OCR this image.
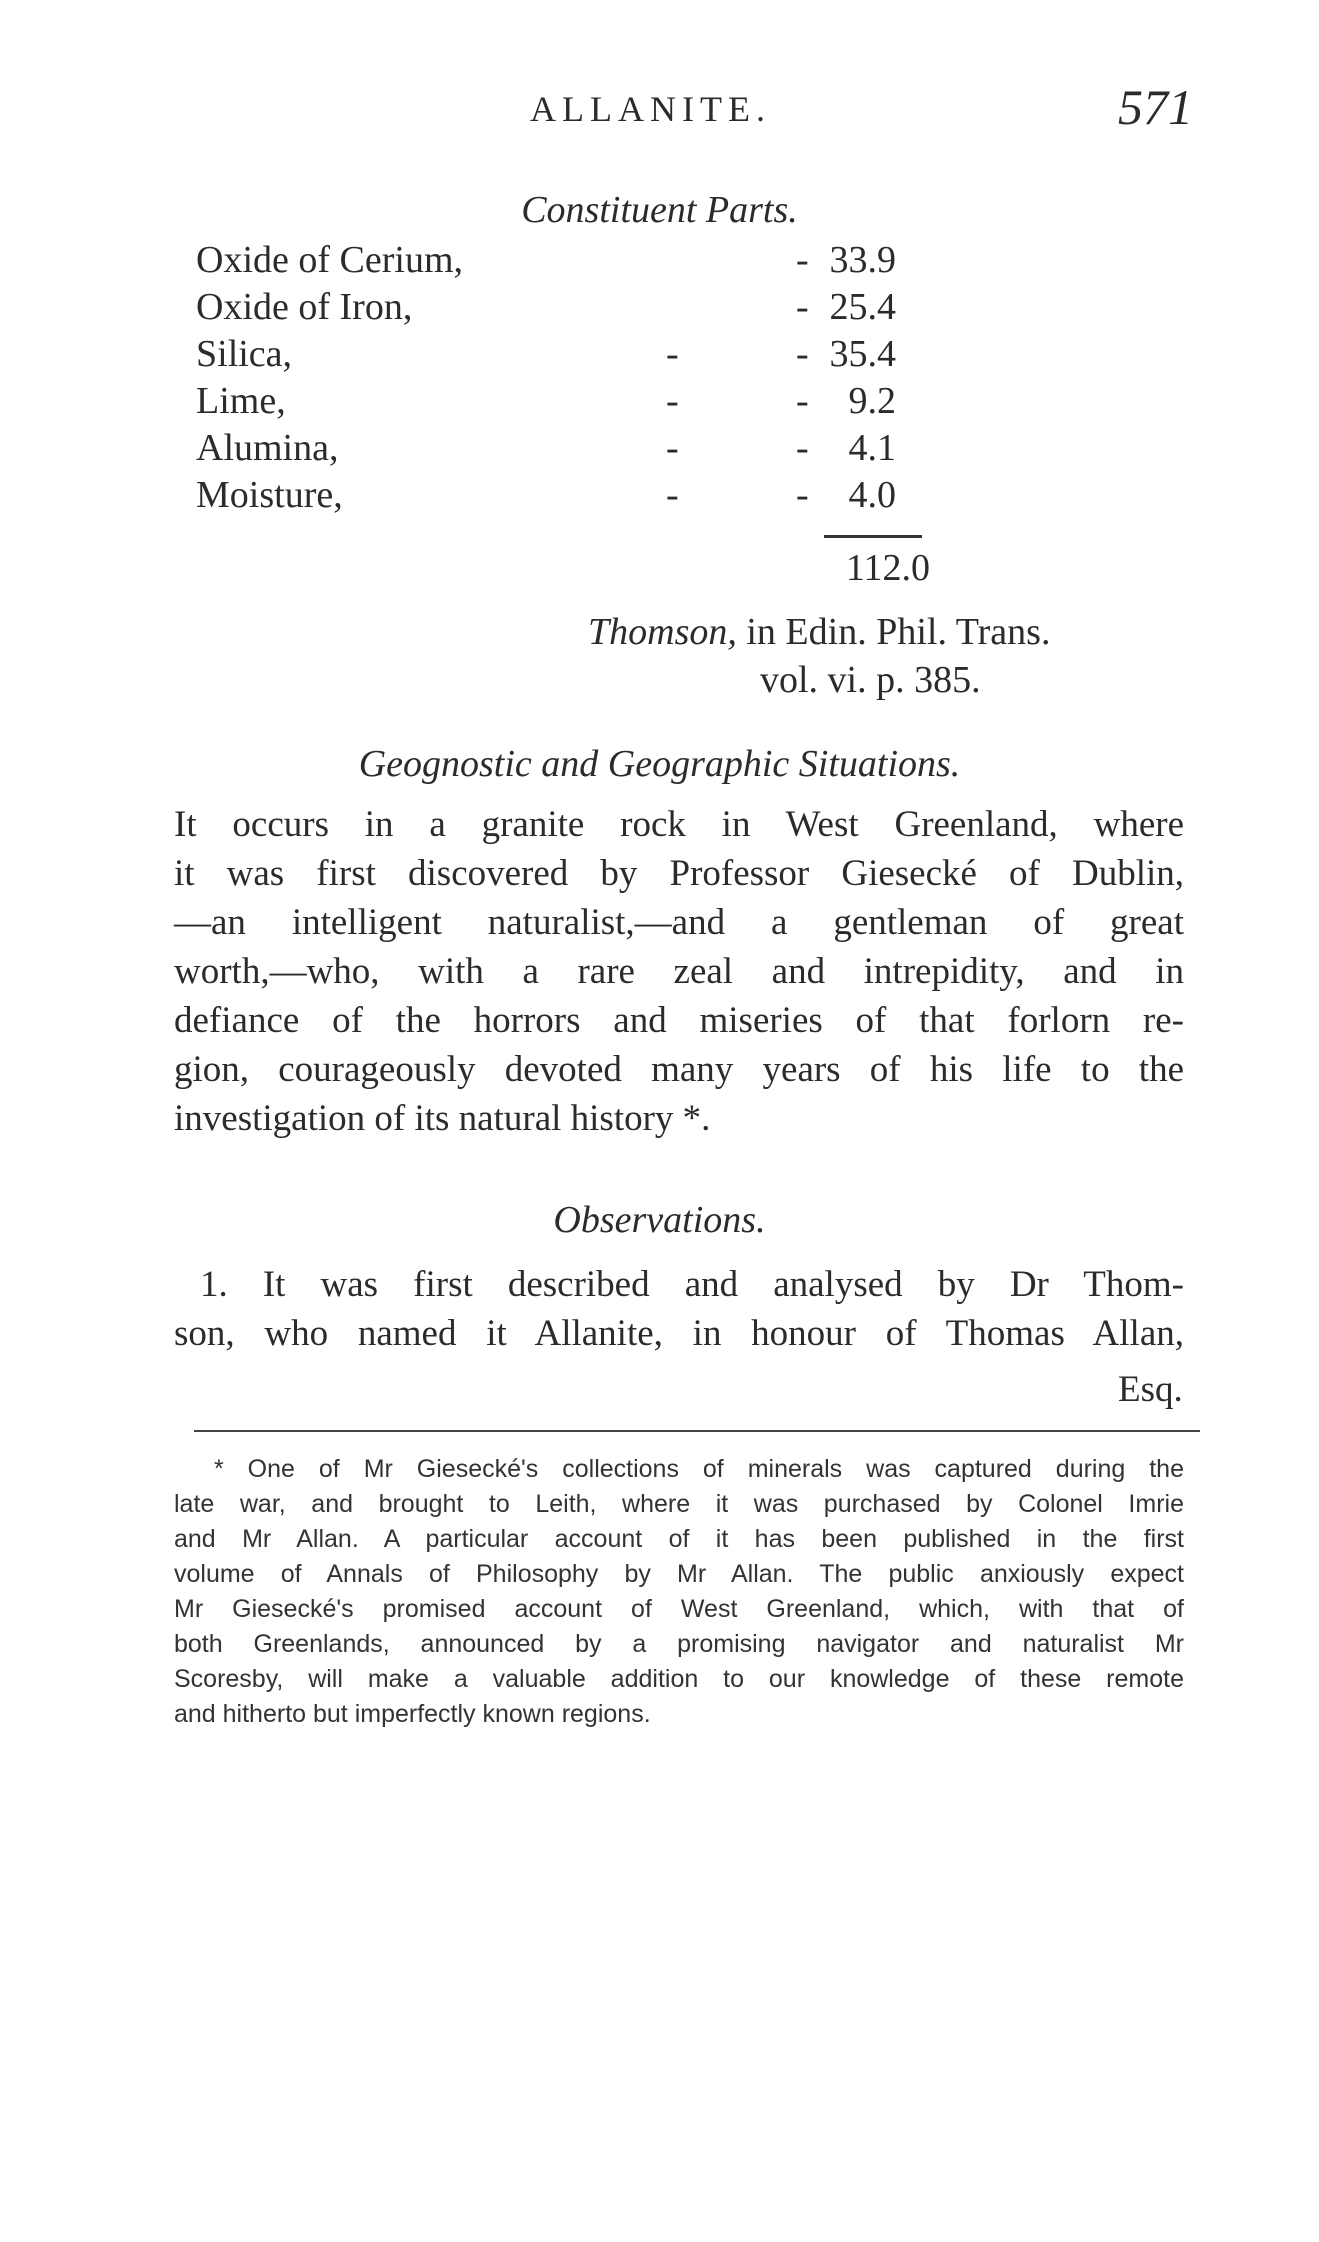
ALLANITE.	571
Constituent Parts.
Oxide of Cerium,	- 33.9
Oxide of Iron,	- 25.4
Silica,	-	- 35.4
Lime,	-	-	9.2
Alumina,	-	-	4.1
Moisture,	-	-	4.0
112.0
Thomson, in Edin. Phil. Trans.
vol. vi. p. 385.
Geognostic and Geographic Situations.
It occurs in a granite rock in West Greenland, where
it was first discovered by Professor Giesecké of Dublin,
—an intelligent naturalist,—and a gentleman of great
worth,—who, with a rare zeal and intrepidity, and in
defiance of the horrors and miseries of that forlorn re-
gion, courageously devoted many years of his life to the
investigation of its natural history *.
Observations.
1. It was first described and analysed by Dr Thom-
son, who named it Allanite, in honour of Thomas Allan,
Esq.
* One of Mr Giesecké's collections of minerals was captured during the
late war, and brought to Leith, where it was purchased by Colonel Imrie
and Mr Allan. A particular account of it has been published in the first
volume of Annals of Philosophy by Mr Allan. The public anxiously expect
Mr Giesecké's promised account of West Greenland, which, with that of
both Greenlands, announced by a promising navigator and naturalist Mr
Scoresby, will make a valuable addition to our knowledge of these remote
and hitherto but imperfectly known regions.
